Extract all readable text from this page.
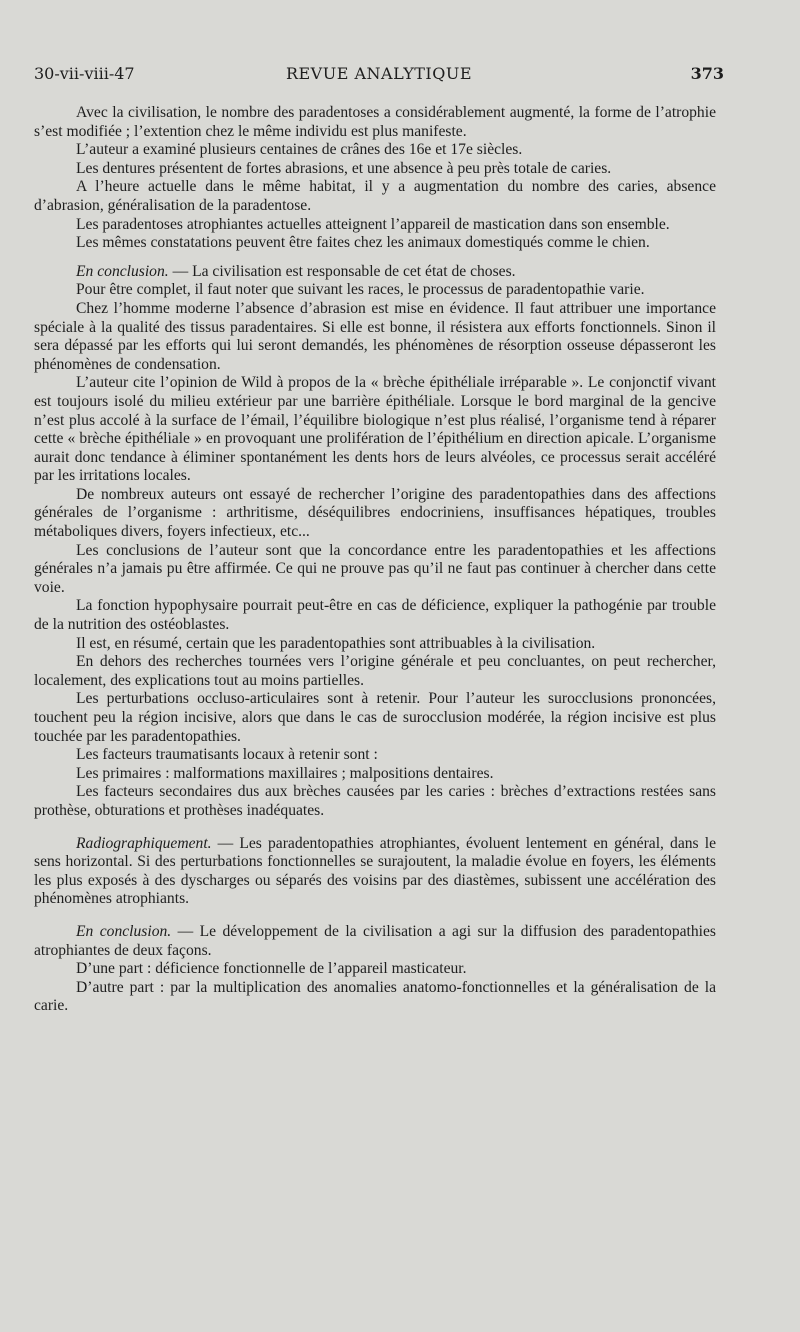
30-vii-viii-47	REVUE ANALYTIQUE	373

Avec la civilisation, le nombre des paradentoses a considérablement augmenté, la forme de l’atrophie s’est modifiée ; l’extention chez le même individu est plus manifeste.

L’auteur a examiné plusieurs centaines de crânes des 16e et 17e siècles.

Les dentures présentent de fortes abrasions, et une absence à peu près totale de caries.

A l’heure actuelle dans le même habitat, il y a augmentation du nombre des caries, absence d’abrasion, généralisation de la paradentose.

Les paradentoses atrophiantes actuelles atteignent l’appareil de mastication dans son ensemble.

Les mêmes constatations peuvent être faites chez les animaux domestiqués comme le chien.

En conclusion. — La civilisation est responsable de cet état de choses.

Pour être complet, il faut noter que suivant les races, le processus de paradentopathie varie.

Chez l’homme moderne l’absence d’abrasion est mise en évidence. Il faut attribuer une importance spéciale à la qualité des tissus paradentaires. Si elle est bonne, il résistera aux efforts fonctionnels. Sinon il sera dépassé par les efforts qui lui seront demandés, les phénomènes de résorption osseuse dépasseront les phénomènes de condensation.

L’auteur cite l’opinion de Wild à propos de la « brèche épithéliale irréparable ». Le conjonctif vivant est toujours isolé du milieu extérieur par une barrière épithéliale. Lorsque le bord marginal de la gencive n’est plus accolé à la surface de l’émail, l’équilibre biologique n’est plus réalisé, l’organisme tend à réparer cette « brèche épithéliale » en provoquant une prolifération de l’épithélium en direction apicale. L’organisme aurait donc tendance à éliminer spontanément les dents hors de leurs alvéoles, ce processus serait accéléré par les irritations locales.

De nombreux auteurs ont essayé de rechercher l’origine des paradentopathies dans des affections générales de l’organisme : arthritisme, déséquilibres endocriniens, insuffisances hépatiques, troubles métaboliques divers, foyers infectieux, etc...

Les conclusions de l’auteur sont que la concordance entre les paradentopathies et les affections générales n’a jamais pu être affirmée. Ce qui ne prouve pas qu’il ne faut pas continuer à chercher dans cette voie.

La fonction hypophysaire pourrait peut-être en cas de déficience, expliquer la pathogénie par trouble de la nutrition des ostéoblastes.

Il est, en résumé, certain que les paradentopathies sont attribuables à la civilisation.

En dehors des recherches tournées vers l’origine générale et peu concluantes, on peut rechercher, localement, des explications tout au moins partielles.

Les perturbations occluso-articulaires sont à retenir. Pour l’auteur les surocclusions prononcées, touchent peu la région incisive, alors que dans le cas de surocclusion modérée, la région incisive est plus touchée par les paradentopathies.

Les facteurs traumatisants locaux à retenir sont :

Les primaires : malformations maxillaires ; malpositions dentaires.

Les facteurs secondaires dus aux brèches causées par les caries : brèches d’extractions restées sans prothèse, obturations et prothèses inadéquates.

Radiographiquement. — Les paradentopathies atrophiantes, évoluent lentement en général, dans le sens horizontal. Si des perturbations fonctionnelles se surajoutent, la maladie évolue en foyers, les éléments les plus exposés à des dyscharges ou séparés des voisins par des diastèmes, subissent une accélération des phénomènes atrophiants.

En conclusion. — Le développement de la civilisation a agi sur la diffusion des paradentopathies atrophiantes de deux façons.

D’une part : déficience fonctionnelle de l’appareil masticateur.

D’autre part : par la multiplication des anomalies anatomo-fonctionnelles et la généralisation de la carie.
